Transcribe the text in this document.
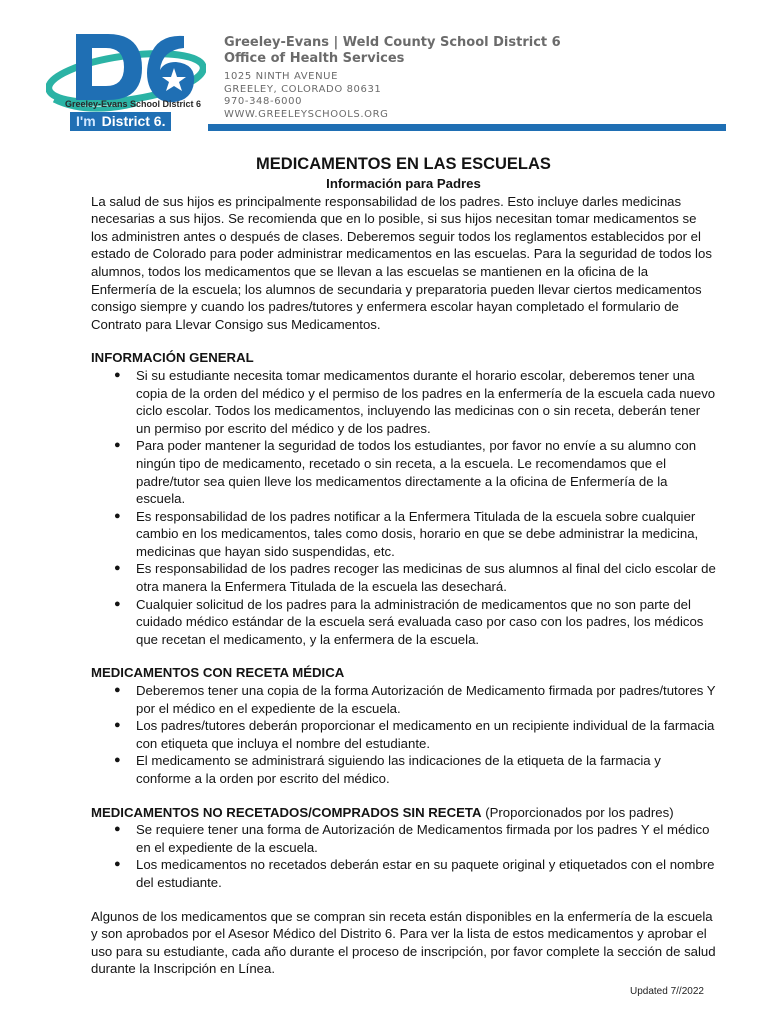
Greeley-Evans School District 6
I'm District 6.
Greeley-Evans | Weld County School District 6
Office of Health Services
1025 NINTH AVENUE
GREELEY, COLORADO 80631
970-348-6000
WWW.GREELEYSCHOOLS.ORG
MEDICAMENTOS EN LAS ESCUELAS
Información para Padres

La salud de sus hijos es principalmente responsabilidad de los padres. Esto incluye darles medicinas necesarias a sus hijos. Se recomienda que en lo posible, si sus hijos necesitan tomar medicamentos se los administren antes o después de clases. Deberemos seguir todos los reglamentos establecidos por el estado de Colorado para poder administrar medicamentos en las escuelas. Para la seguridad de todos los alumnos, todos los medicamentos que se llevan a las escuelas se mantienen en la oficina de la Enfermería de la escuela; los alumnos de secundaria y preparatoria pueden llevar ciertos medicamentos consigo siempre y cuando los padres/tutores y enfermera escolar hayan completado el formulario de Contrato para Llevar Consigo sus Medicamentos.

INFORMACIÓN GENERAL
● Si su estudiante necesita tomar medicamentos durante el horario escolar, deberemos tener una copia de la orden del médico y el permiso de los padres en la enfermería de la escuela cada nuevo ciclo escolar. Todos los medicamentos, incluyendo las medicinas con o sin receta, deberán tener un permiso por escrito del médico y de los padres.
● Para poder mantener la seguridad de todos los estudiantes, por favor no envíe a su alumno con ningún tipo de medicamento, recetado o sin receta, a la escuela. Le recomendamos que el padre/tutor sea quien lleve los medicamentos directamente a la oficina de Enfermería de la escuela.
● Es responsabilidad de los padres notificar a la Enfermera Titulada de la escuela sobre cualquier cambio en los medicamentos, tales como dosis, horario en que se debe administrar la medicina, medicinas que hayan sido suspendidas, etc.
● Es responsabilidad de los padres recoger las medicinas de sus alumnos al final del ciclo escolar de otra manera la Enfermera Titulada de la escuela las desechará.
● Cualquier solicitud de los padres para la administración de medicamentos que no son parte del cuidado médico estándar de la escuela será evaluada caso por caso con los padres, los médicos que recetan el medicamento, y la enfermera de la escuela.
MEDICAMENTOS CON RECETA MÉDICA
● Deberemos tener una copia de la forma Autorización de Medicamento firmada por padres/tutores Y por el médico en el expediente de la escuela.
● Los padres/tutores deberán proporcionar el medicamento en un recipiente individual de la farmacia con etiqueta que incluya el nombre del estudiante.
● El medicamento se administrará siguiendo las indicaciones de la etiqueta de la farmacia y conforme a la orden por escrito del médico.
MEDICAMENTOS NO RECETADOS/COMPRADOS SIN RECETA (Proporcionados por los padres)
● Se requiere tener una forma de Autorización de Medicamentos firmada por los padres Y el médico en el expediente de la escuela.
● Los medicamentos no recetados deberán estar en su paquete original y etiquetados con el nombre del estudiante.

Algunos de los medicamentos que se compran sin receta están disponibles en la enfermería de la escuela y son aprobados por el Asesor Médico del Distrito 6. Para ver la lista de estos medicamentos y aprobar el uso para su estudiante, cada año durante el proceso de inscripción, por favor complete la sección de salud durante la Inscripción en Línea.

Updated 7//2022
